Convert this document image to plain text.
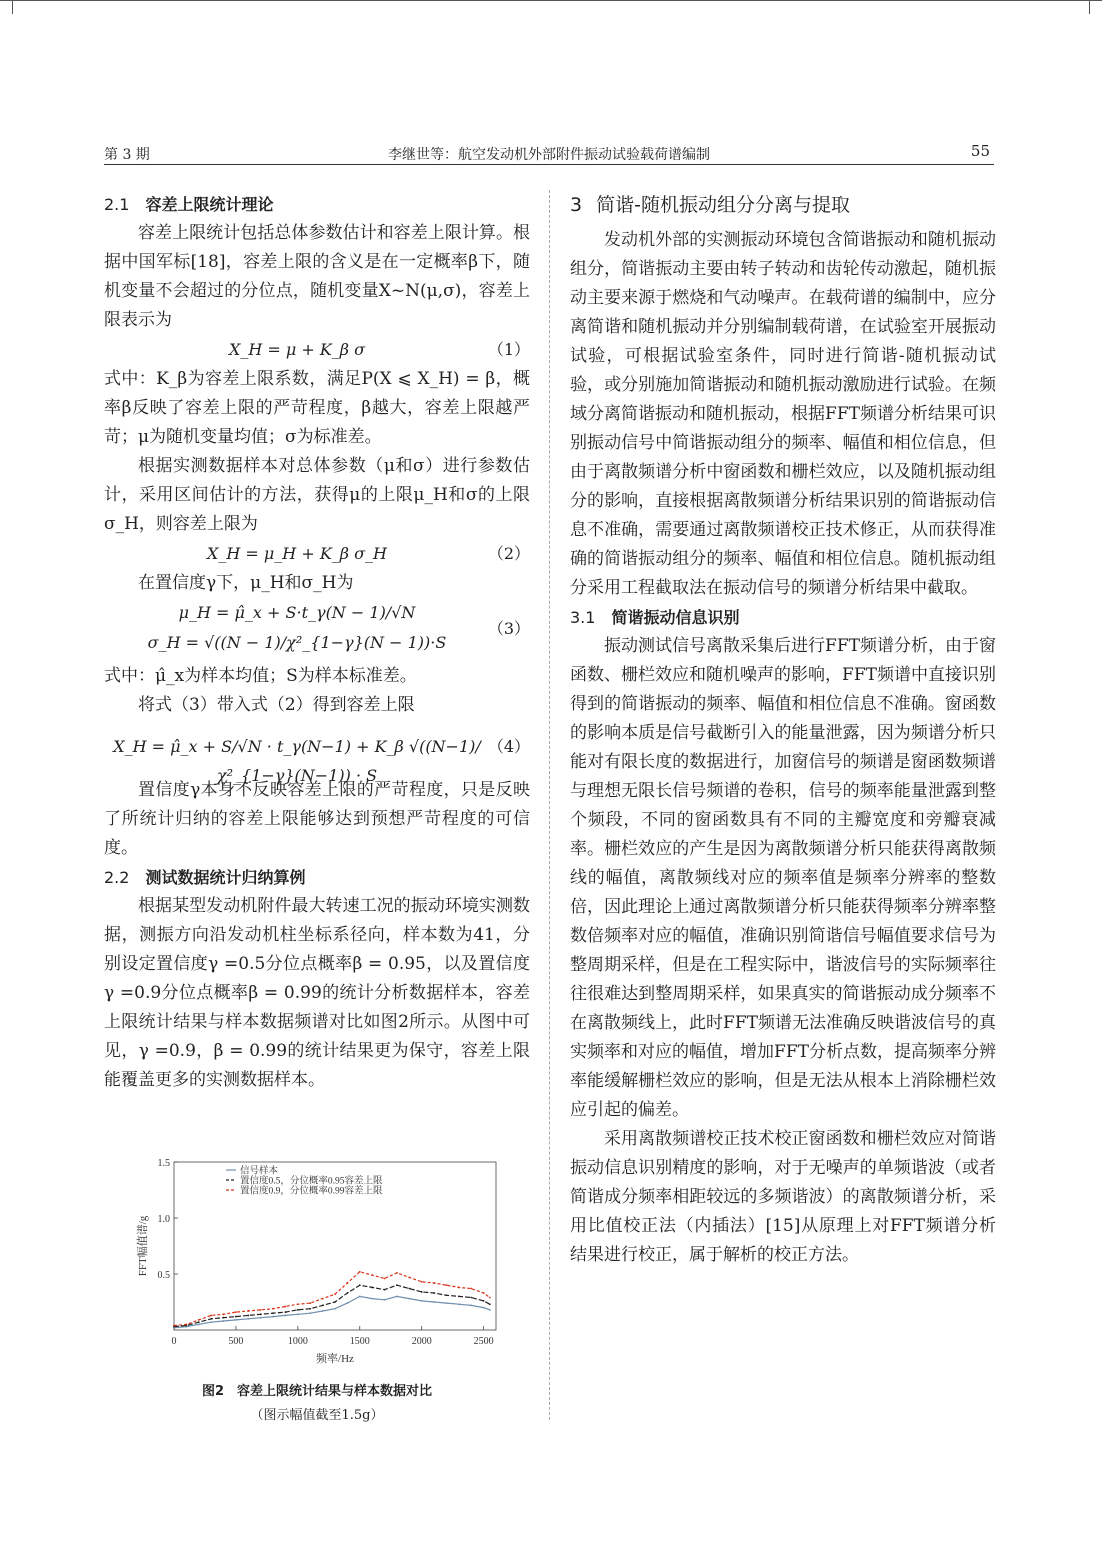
第 3 期	李继世等：航空发动机外部附件振动试验载荷谱编制	55
2.1 容差上限统计理论

容差上限统计包括总体参数估计和容差上限计算。根据中国军标[18]，容差上限的含义是在一定概率β下，随机变量不会超过的分位点，随机变量X~N(μ,σ)，容差上限表示为

X_H = μ + K_β σ	（1）

式中：K_β为容差上限系数，满足P(X ⩽ X_H) = β，概率β反映了容差上限的严苛程度，β越大，容差上限越严苛；μ为随机变量均值；σ为标准差。

根据实测数据样本对总体参数（μ和σ）进行参数估计，采用区间估计的方法，获得μ的上限μ_H和σ的上限σ_H，则容差上限为

X_H = μ_H + K_β σ_H	（2）

在置信度γ下，μ_H和σ_H为

μ_H = μ̂_x + S·t_γ(N − 1)/√N
σ_H = √((N − 1)/χ²_{1−γ}(N − 1))·S
（3）

式中：μ̂_x为样本均值；S为样本标准差。

将式（3）带入式（2）得到容差上限

X_H = μ̂_x + S/√N · t_γ(N−1) + K_β √((N−1)/χ²_{1−γ}(N−1)) · S
（4）

置信度γ本身不反映容差上限的严苛程度，只是反映了所统计归纳的容差上限能够达到预想严苛程度的可信度。

2.2 测试数据统计归纳算例

根据某型发动机附件最大转速工况的振动环境实测数据，测振方向沿发动机柱坐标系径向，样本数为41，分别设定置信度γ =0.5分位点概率β = 0.95，以及置信度γ =0.9分位点概率β = 0.99的统计分析数据样本，容差上限统计结果与样本数据频谱对比如图2所示。从图中可见，γ =0.9，β = 0.99的统计结果更为保守，容差上限能覆盖更多的实测数据样本。

0	500	1000	1500	2000	2500
0.5
1.0
1.5
频率/Hz
FFT幅值谱/g
信号样本
置信度0.5，分位概率0.95容差上限
置信度0.9，分位概率0.99容差上限
图2　容差上限统计结果与样本数据对比
（图示幅值截至1.5g）
3 简谐-随机振动组分分离与提取

发动机外部的实测振动环境包含简谐振动和随机振动组分，简谐振动主要由转子转动和齿轮传动激起，随机振动主要来源于燃烧和气动噪声。在载荷谱的编制中，应分离简谐和随机振动并分别编制载荷谱，在试验室开展振动试验，可根据试验室条件，同时进行简谐-随机振动试验，或分别施加简谐振动和随机振动激励进行试验。在频域分离简谐振动和随机振动，根据FFT频谱分析结果可识别振动信号中简谐振动组分的频率、幅值和相位信息，但由于离散频谱分析中窗函数和栅栏效应，以及随机振动组分的影响，直接根据离散频谱分析结果识别的简谐振动信息不准确，需要通过离散频谱校正技术修正，从而获得准确的简谐振动组分的频率、幅值和相位信息。随机振动组分采用工程截取法在振动信号的频谱分析结果中截取。

3.1 简谐振动信息识别

振动测试信号离散采集后进行FFT频谱分析，由于窗函数、栅栏效应和随机噪声的影响，FFT频谱中直接识别得到的简谐振动的频率、幅值和相位信息不准确。窗函数的影响本质是信号截断引入的能量泄露，因为频谱分析只能对有限长度的数据进行，加窗信号的频谱是窗函数频谱与理想无限长信号频谱的卷积，信号的频率能量泄露到整个频段，不同的窗函数具有不同的主瓣宽度和旁瓣衰减率。栅栏效应的产生是因为离散频谱分析只能获得离散频线的幅值，离散频线对应的频率值是频率分辨率的整数倍，因此理论上通过离散频谱分析只能获得频率分辨率整数倍频率对应的幅值，准确识别简谐信号幅值要求信号为整周期采样，但是在工程实际中，谐波信号的实际频率往往很难达到整周期采样，如果真实的简谐振动成分频率不在离散频线上，此时FFT频谱无法准确反映谐波信号的真实频率和对应的幅值，增加FFT分析点数，提高频率分辨率能缓解栅栏效应的影响，但是无法从根本上消除栅栏效应引起的偏差。

采用离散频谱校正技术校正窗函数和栅栏效应对简谐振动信息识别精度的影响，对于无噪声的单频谐波（或者简谐成分频率相距较远的多频谐波）的离散频谱分析，采用比值校正法（内插法）[15]从原理上对FFT频谱分析结果进行校正，属于解析的校正方法。
